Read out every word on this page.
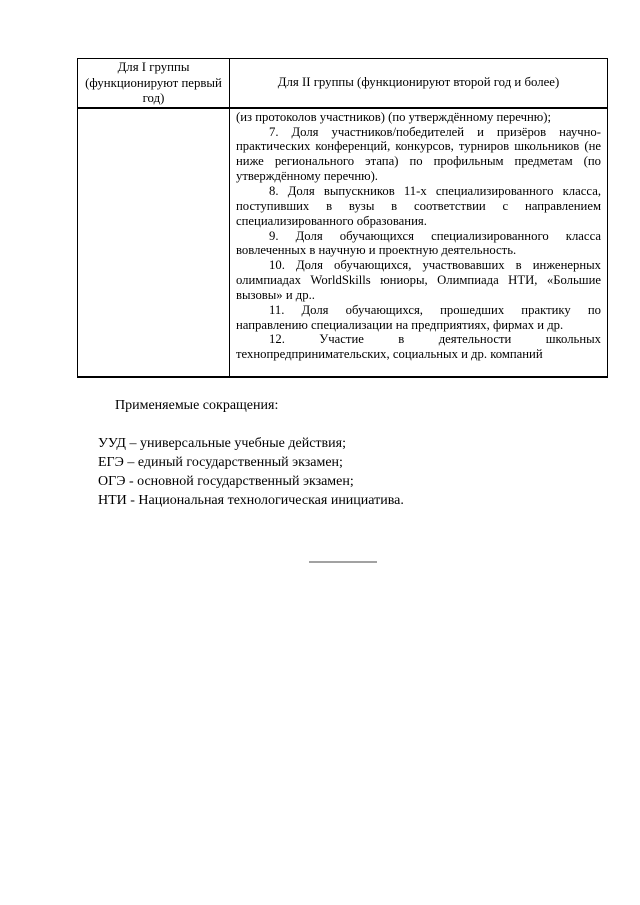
Для I группы (функционируют первый год)
Для II группы (функционируют второй год и более)

(из протоколов участников) (по утверждённому перечню);

7. Доля участников/победителей и призёров научно-практических конференций, конкурсов, турниров школьников (не ниже регионального этапа) по профильным предметам (по утверждённому перечню).

8. Доля выпускников 11-х специализированного класса, поступивших в вузы в соответствии с направлением специализированного образования.

9. Доля обучающихся специализированного класса вовлеченных в научную и проектную деятельность.

10. Доля обучающихся, участвовавших в инженерных олимпиадах WorldSkills юниоры, Олимпиада НТИ, «Большие вызовы» и др..

11. Доля обучающихся, прошедших практику по направлению специализации на предприятиях, фирмах и др.

12. Участие в деятельности школьных технопредпринимательских, социальных и др. компаний

Применяемые сокращения:
УУД – универсальные учебные действия;
ЕГЭ – единый государственный экзамен;
ОГЭ - основной государственный экзамен;
НТИ - Национальная технологическая инициатива.
